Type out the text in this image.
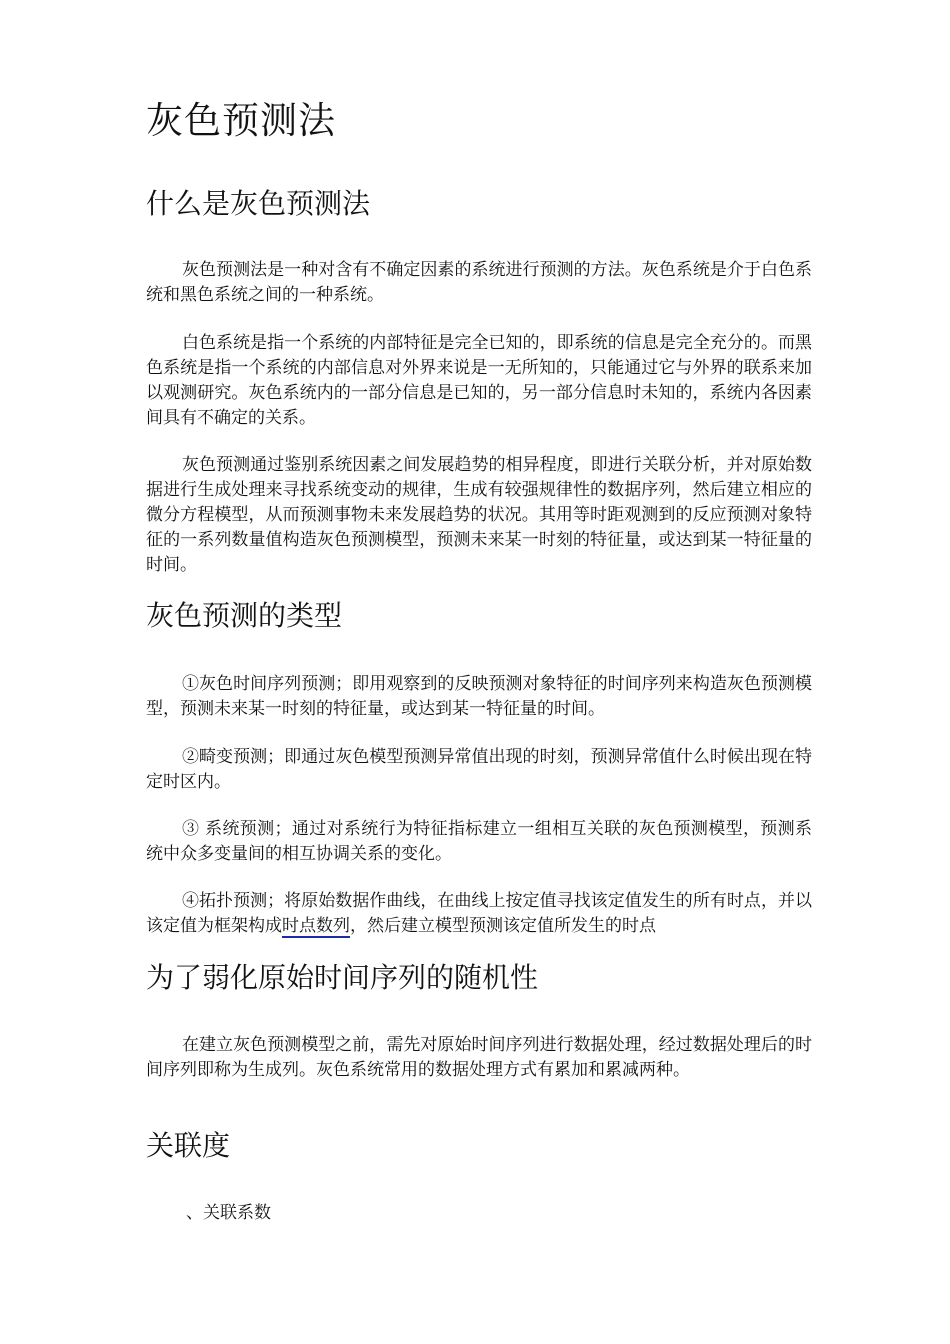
灰色预测法
什么是灰色预测法

灰色预测法是一种对含有不确定因素的系统进行预测的方法。灰色系统是介于白色系统和黑色系统之间的一种系统。

白色系统是指一个系统的内部特征是完全已知的，即系统的信息是完全充分的。而黑色系统是指一个系统的内部信息对外界来说是一无所知的，只能通过它与外界的联系来加以观测研究。灰色系统内的一部分信息是已知的，另一部分信息时未知的，系统内各因素间具有不确定的关系。

灰色预测通过鉴别系统因素之间发展趋势的相异程度，即进行关联分析，并对原始数据进行生成处理来寻找系统变动的规律，生成有较强规律性的数据序列，然后建立相应的微分方程模型，从而预测事物未来发展趋势的状况。其用等时距观测到的反应预测对象特征的一系列数量值构造灰色预测模型，预测未来某一时刻的特征量，或达到某一特征量的时间。

灰色预测的类型

①灰色时间序列预测；即用观察到的反映预测对象特征的时间序列来构造灰色预测模型，预测未来某一时刻的特征量，或达到某一特征量的时间。

②畸变预测；即通过灰色模型预测异常值出现的时刻，预测异常值什么时候出现在特定时区内。

③ 系统预测；通过对系统行为特征指标建立一组相互关联的灰色预测模型，预测系统中众多变量间的相互协调关系的变化。

④拓扑预测；将原始数据作曲线，在曲线上按定值寻找该定值发生的所有时点，并以该定值为框架构成时点数列，然后建立模型预测该定值所发生的时点

为了弱化原始时间序列的随机性

在建立灰色预测模型之前，需先对原始时间序列进行数据处理，经过数据处理后的时间序列即称为生成列。灰色系统常用的数据处理方式有累加和累减两种。

关联度

、关联系数
